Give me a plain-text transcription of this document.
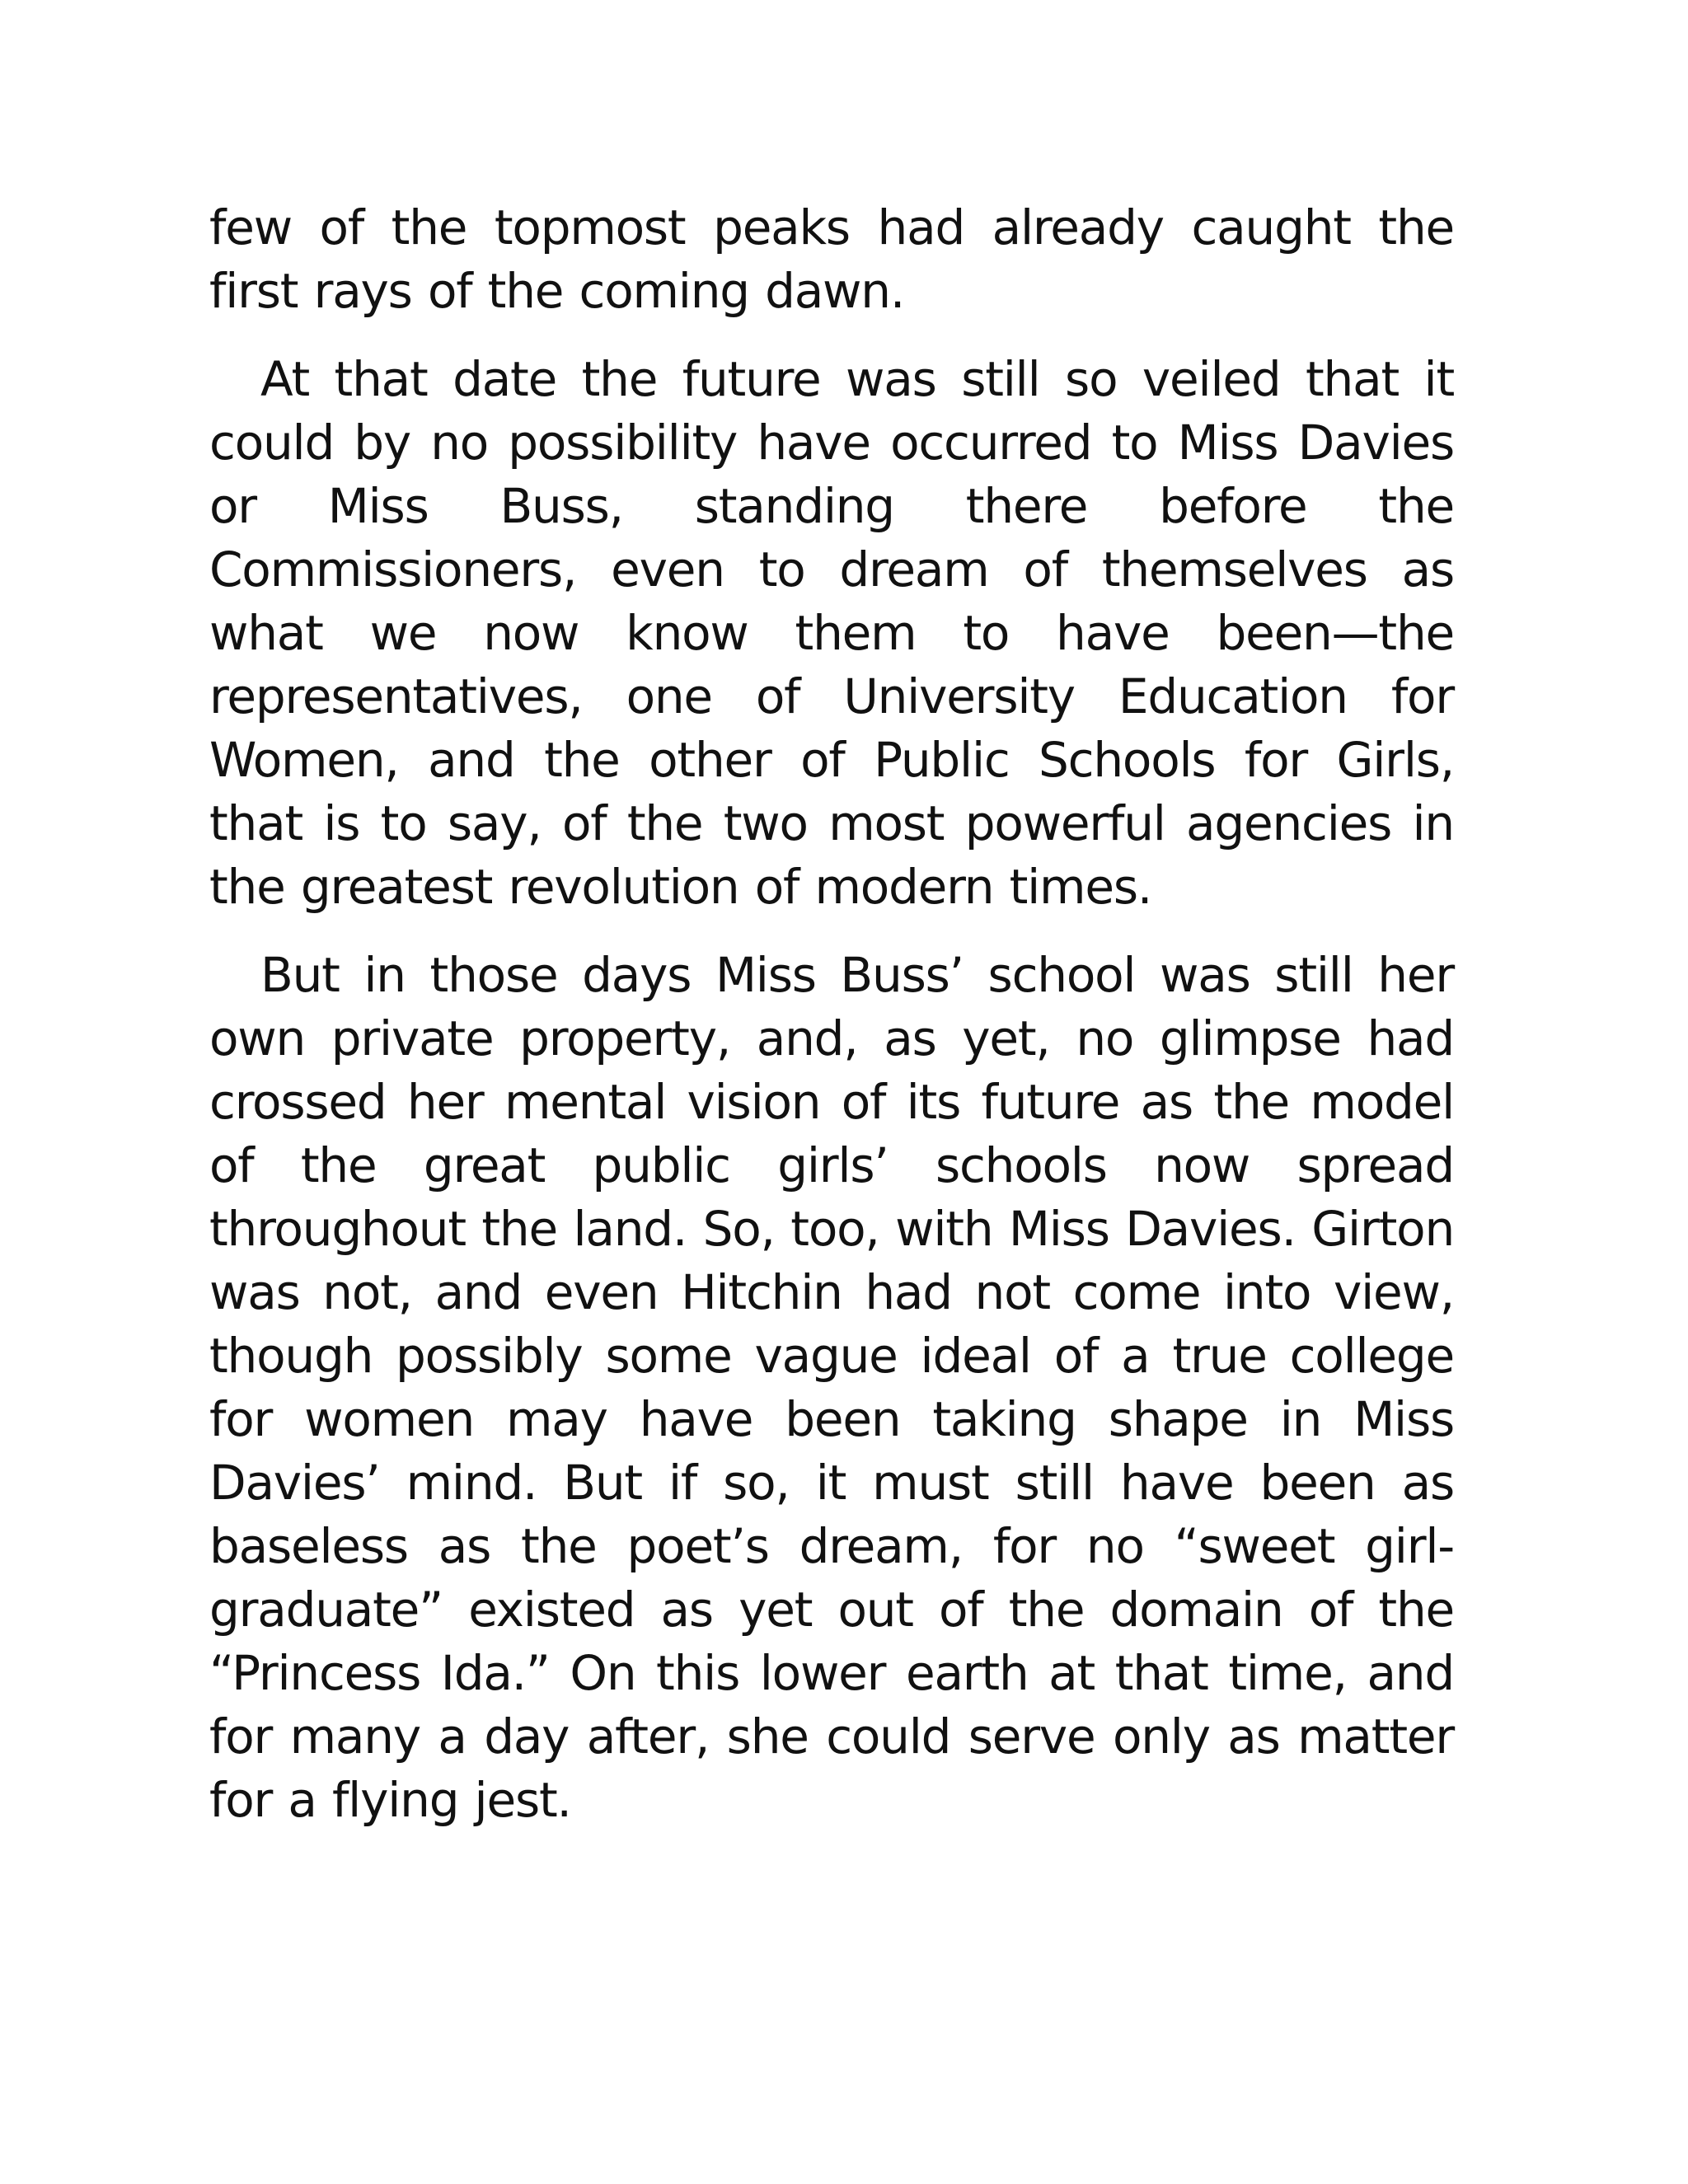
few of the topmost peaks had already caught the first rays of the coming dawn.

At that date the future was still so veiled that it could by no possibility have occurred to Miss Davies or Miss Buss, standing there before the Commissioners, even to dream of themselves as what we now know them to have been—the representatives, one of University Education for Women, and the other of Public Schools for Girls, that is to say, of the two most powerful agencies in the greatest revolution of modern times.

But in those days Miss Buss’ school was still her own private property, and, as yet, no glimpse had crossed her mental vision of its future as the model of the great public girls’ schools now spread throughout the land. So, too, with Miss Davies. Girton was not, and even Hitchin had not come into view, though possibly some vague ideal of a true college for women may have been taking shape in Miss Davies’ mind. But if so, it must still have been as baseless as the poet’s dream, for no “sweet girl-graduate” existed as yet out of the domain of the “Princess Ida.” On this lower earth at that time, and for many a day after, she could serve only as matter for a flying jest.
